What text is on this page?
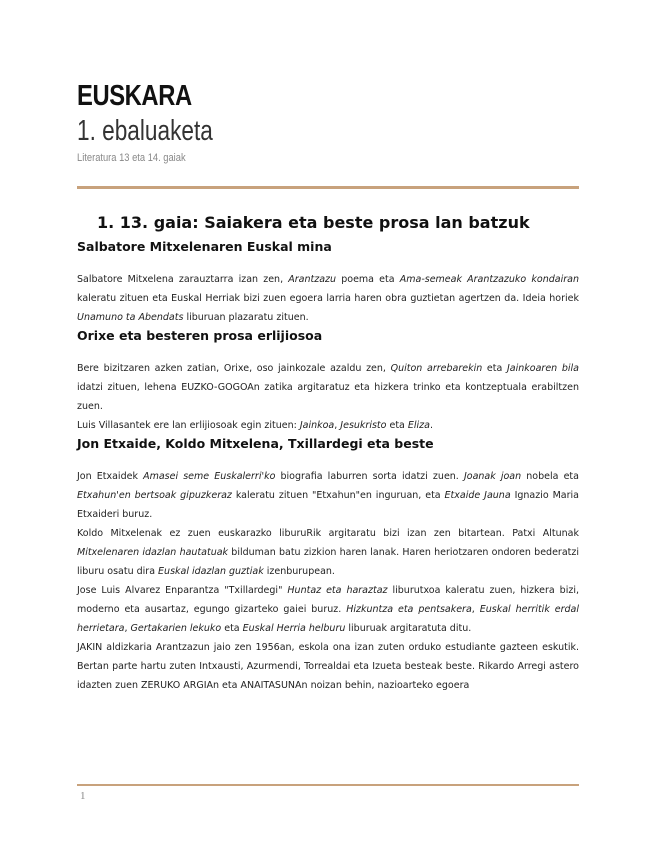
EUSKARA
1. ebaluaketa
Literatura 13 eta 14. gaiak
1. 13. gaia: Saiakera eta beste prosa lan batzuk
Salbatore Mitxelenaren Euskal mina
Salbatore Mitxelena zarauztarra izan zen, Arantzazu poema eta Ama-semeak Arantzazuko kondairan kaleratu zituen eta Euskal Herriak bizi zuen egoera larria haren obra guztietan agertzen da. Ideia horiek Unamuno ta Abendats liburuan plazaratu zituen.
Orixe eta besteren prosa erlijiosoa
Bere bizitzaren azken zatian, Orixe, oso jainkozale azaldu zen, Quiton arrebarekin eta Jainkoaren bila idatzi zituen, lehena EUZKO-GOGOAn zatika argitaratuz eta hizkera trinko eta kontzeptuala erabiltzen zuen.
Luis Villasantek ere lan erlijiosoak egin zituen: Jainkoa, Jesukristo eta Eliza.
Jon Etxaide, Koldo Mitxelena, Txillardegi eta beste
Jon Etxaidek Amasei seme Euskalerri'ko biografia laburren sorta idatzi zuen. Joanak joan nobela eta Etxahun'en bertsoak gipuzkeraz kaleratu zituen "Etxahun"en inguruan, eta Etxaide Jauna Ignazio Maria Etxaideri buruz.
Koldo Mitxelenak ez zuen euskarazko liburuRik argitaratu bizi izan zen bitartean. Patxi Altunak Mitxelenaren idazlan hautatuak bilduman batu zizkion haren lanak. Haren heriotzaren ondoren bederatzi liburu osatu dira Euskal idazlan guztiak izenburupean.
Jose Luis Alvarez Enparantza "Txillardegi" Huntaz eta haraztaz liburutxoa kaleratu zuen, hizkera bizi, moderno eta ausartaz, egungo gizarteko gaiei buruz. Hizkuntza eta pentsakera, Euskal herritik erdal herrietara, Gertakarien lekuko eta Euskal Herria helburu liburuak argitaratuta ditu.
JAKIN aldizkaria Arantzazun jaio zen 1956an, eskola ona izan zuten orduko estudiante gazteen eskutik. Bertan parte hartu zuten Intxausti, Azurmendi, Torrealdai eta Izueta besteak beste. Rikardo Arregi astero idazten zuen ZERUKO ARGIAn eta ANAITASUNAn noizan behin, nazioarteko egoera
1
